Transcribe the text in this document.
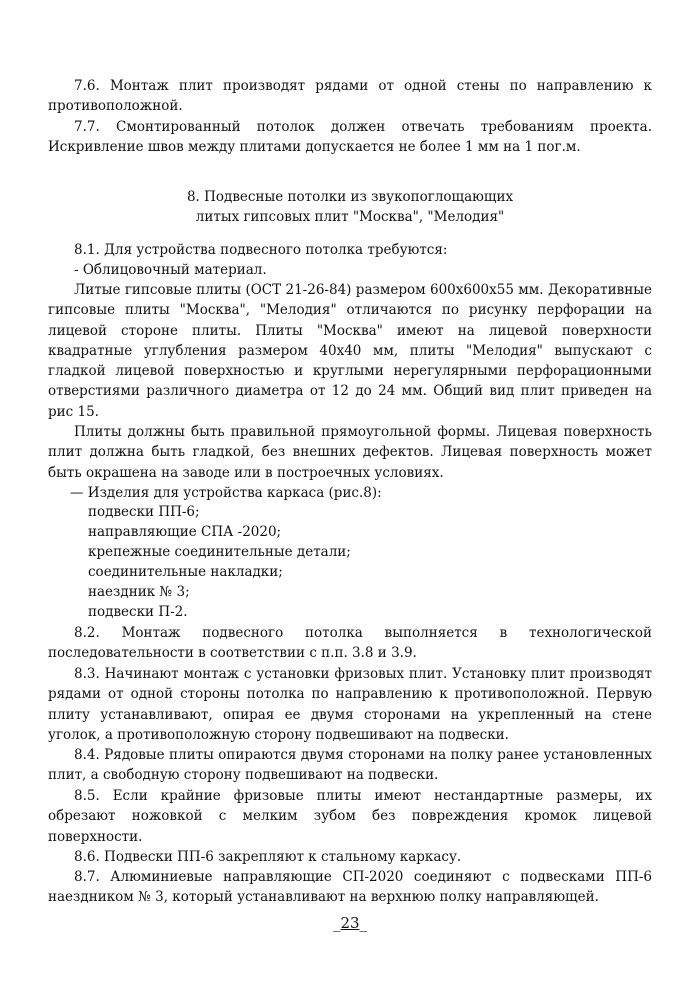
7.6. Монтаж плит производят рядами от одной стены по направлению к противоположной.

7.7. Смонтированный потолок должен отвечать требованиям проекта. Искривление швов между плитами допускается не более 1 мм на 1 пог.м.

8. Подвесные потолки из звукопоглощающих

литых гипсовых плит "Москва", "Мелодия"

8.1. Для устройства подвесного потолка требуются:

- Облицовочный материал.

Литые гипсовые плиты (ОСТ 21-26-84) размером 600x600x55 мм. Декоративные гипсовые плиты "Москва", "Мелодия" отличаются по рисунку перфорации на лицевой стороне плиты. Плиты "Москва" имеют на лицевой поверхности квадратные углубления размером 40x40 мм, плиты "Мелодия" выпускают с гладкой лицевой поверхностью и круглыми нерегулярными перфорационными отверстиями различного диаметра от 12 до 24 мм. Общий вид плит приведен на рис 15.

Плиты должны быть правильной прямоугольной формы. Лицевая поверхность плит должна быть гладкой, без внешних дефектов. Лицевая поверхность может быть окрашена на заводе или в построечных условиях.

— Изделия для устройства каркаса (рис.8):

подвески ПП-6;

направляющие СПА -2020;

крепежные соединительные детали;

соединительные накладки;

наездник № 3;

подвески П-2.

8.2. Монтаж подвесного потолка выполняется в технологической последовательности в соответствии с п.п. 3.8 и 3.9.

8.3. Начинают монтаж с установки фризовых плит. Установку плит производят рядами от одной стороны потолка по направлению к противоположной. Первую плиту устанавливают, опирая ее двумя сторонами на укрепленный на стене уголок, а противоположную сторону подвешивают на подвески.

8.4. Рядовые плиты опираются двумя сторонами на полку ранее установленных плит, а свободную сторону подвешивают на подвески.

8.5. Если крайние фризовые плиты имеют нестандартные размеры, их обрезают ножовкой с мелким зубом без повреждения кромок лицевой поверхности.

8.6. Подвески ПП-6 закрепляют к стальному каркасу.

8.7. Алюминиевые направляющие СП-2020 соединяют с подвесками ПП-6 наездником № 3, который устанавливают на верхнюю полку направляющей.

_23_
